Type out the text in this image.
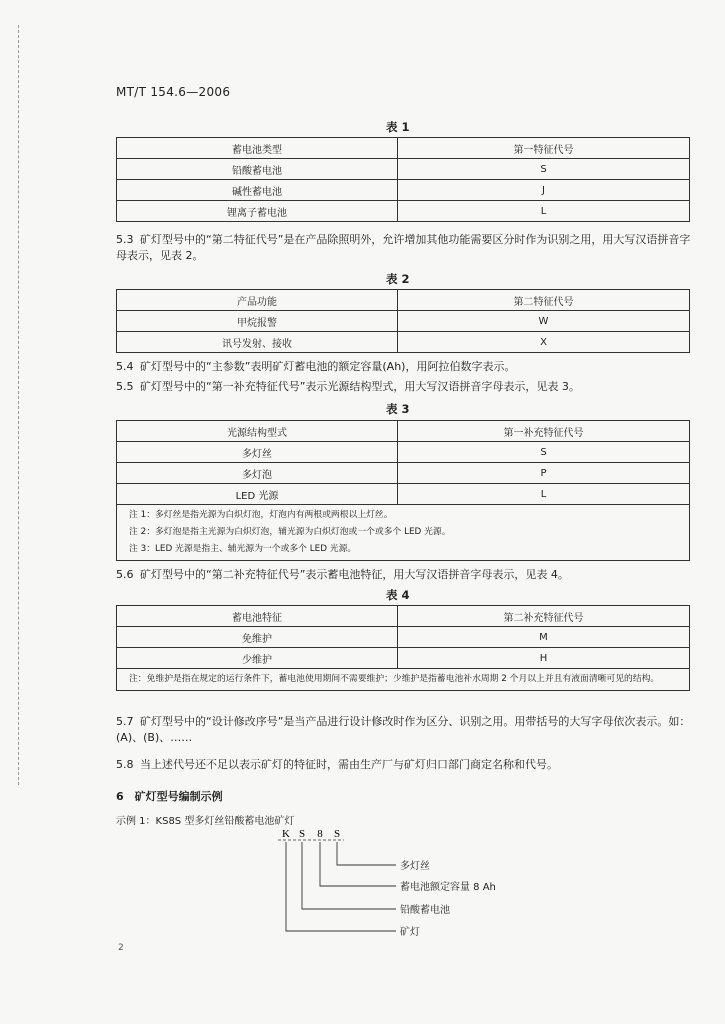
MT/T 154.6—2006
表 1
蓄电池类型	第一特征代号
铅酸蓄电池	S
碱性蓄电池	J
锂离子蓄电池	L
5.3 矿灯型号中的“第二特征代号”是在产品除照明外，允许增加其他功能需要区分时作为识别之用，用大写汉语拼音字母表示，见表 2。
表 2
产品功能	第二特征代号
甲烷报警	W
讯号发射、接收	X
5.4 矿灯型号中的“主参数”表明矿灯蓄电池的额定容量(Ah)，用阿拉伯数字表示。
5.5 矿灯型号中的“第一补充特征代号”表示光源结构型式，用大写汉语拼音字母表示，见表 3。
表 3
光源结构型式	第一补充特征代号
多灯丝	S
多灯泡	P
LED 光源	L

注 1：多灯丝是指光源为白炽灯泡，灯泡内有两根或两根以上灯丝。
注 2：多灯泡是指主光源为白炽灯泡，辅光源为白炽灯泡或一个或多个 LED 光源。
注 3：LED 光源是指主、辅光源为一个或多个 LED 光源。	
5.6 矿灯型号中的“第二补充特征代号”表示蓄电池特征，用大写汉语拼音字母表示，见表 4。
表 4
蓄电池特征	第二补充特征代号
免维护	M
少维护	H

注：免维护是指在规定的运行条件下，蓄电池使用期间不需要维护；少维护是指蓄电池补水周期 2 个月以上并且有液面清晰可见的结构。	
5.7 矿灯型号中的“设计修改序号”是当产品进行设计修改时作为区分、识别之用。用带括号的大写字母依次表示。如：(A)、(B)、……
5.8 当上述代号还不足以表示矿灯的特征时，需由生产厂与矿灯归口部门商定名称和代号。
6　矿灯型号编制示例
示例 1：KS8S 型多灯丝铅酸蓄电池矿灯
K S 8 S
多灯丝
蓄电池额定容量 8 Ah
铅酸蓄电池
矿灯
2
